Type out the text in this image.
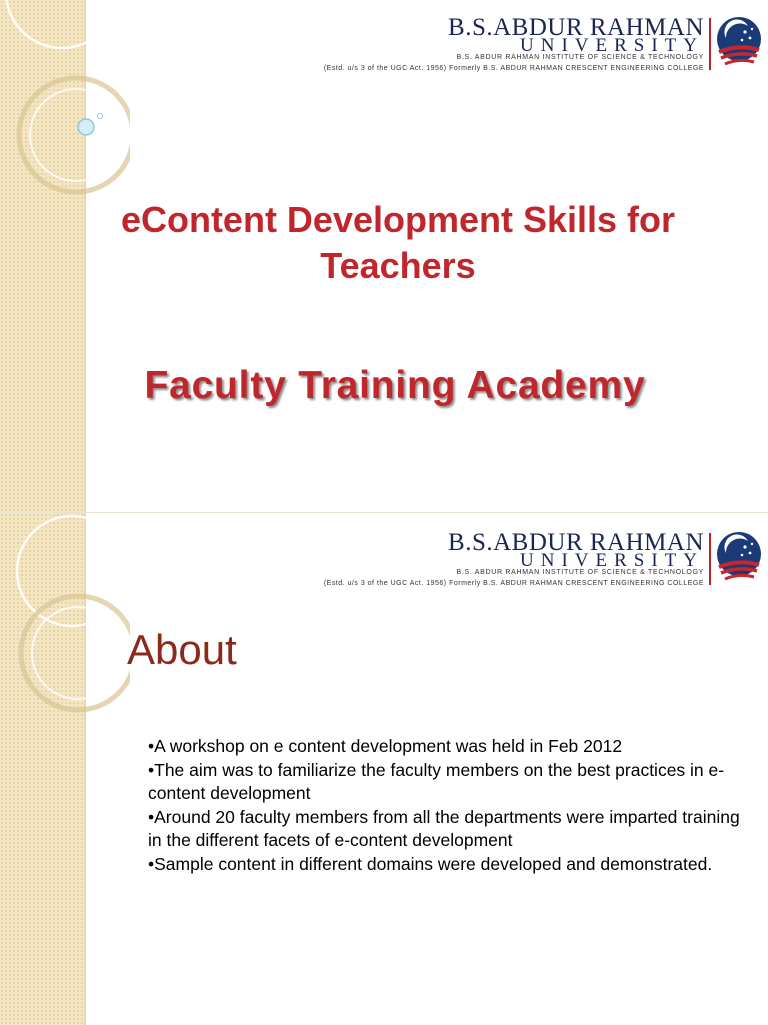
B.S.ABDUR RAHMAN
UNIVERSITY
B.S. ABDUR RAHMAN INSTITUTE OF SCIENCE & TECHNOLOGY
(Estd. u/s 3 of the UGC Act. 1956) Formerly B.S. ABDUR RAHMAN CRESCENT ENGINEERING COLLEGE
eContent Development Skills for
Teachers
Faculty Training Academy
B.S.ABDUR RAHMAN
UNIVERSITY
B.S. ABDUR RAHMAN INSTITUTE OF SCIENCE & TECHNOLOGY
(Estd. u/s 3 of the UGC Act. 1956) Formerly B.S. ABDUR RAHMAN CRESCENT ENGINEERING COLLEGE
About
•A workshop on e content development was held in Feb 2012
•The aim was to familiarize the faculty members on the best practices in e-content development
•Around 20 faculty members from all the departments were imparted training in the different facets of e-content development
•Sample content in different domains were developed and demonstrated.
